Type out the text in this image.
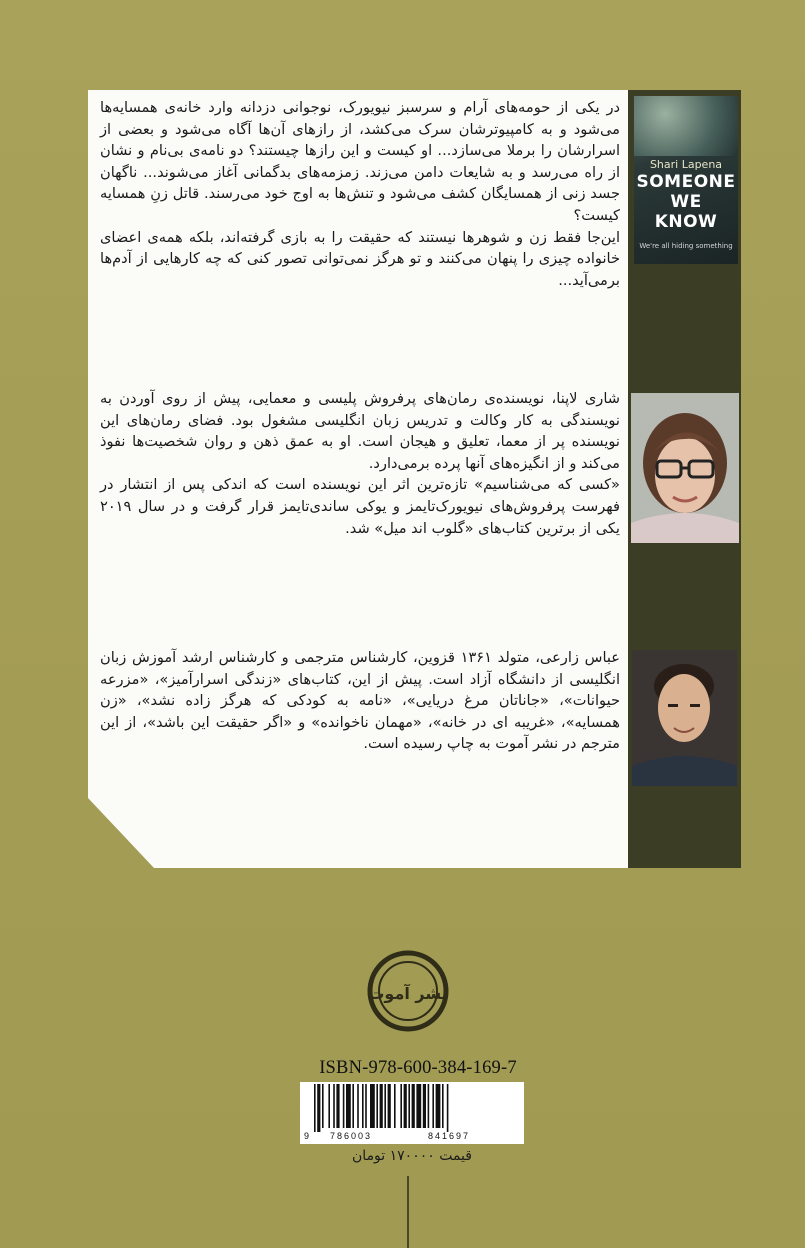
Shari Lapena
SOMEONE
WE
KNOW
We're all hiding something

در یکی از حومه‌های آرام و سرسبز نیویورک، نوجوانی دزدانه وارد خانه‌ی همسایه‌ها می‌شود و به کامپیوترشان سرک می‌کشد، از رازهای آن‌ها آگاه می‌شود و بعضی از اسرارشان را برملا می‌سازد... او کیست و این رازها چیستند؟ دو نامه‌ی بی‌نام و نشان از راه می‌رسد و به شایعات دامن می‌زند. زمزمه‌های بدگمانی آغاز می‌شوند... ناگهان جسد زنی از همسایگان کشف می‌شود و تنش‌ها به اوج خود می‌رسند. قاتل زنِ همسایه کیست؟

این‌جا فقط زن و شوهرها نیستند که حقیقت را به بازی گرفته‌اند، بلکه همه‌ی اعضای خانواده چیزی را پنهان می‌کنند و تو هرگز نمی‌توانی تصور کنی که چه کارهایی از آدم‌ها برمی‌آید...

شاری لاپنا، نویسنده‌ی رمان‌های پرفروش پلیسی و معمایی، پیش از روی آوردن به نویسندگی به کار وکالت و تدریس زبان انگلیسی مشغول بود. فضای رمان‌های این نویسنده پر از معما، تعلیق و هیجان است. او به عمق ذهن و روان شخصیت‌ها نفوذ می‌کند و از انگیزه‌های آنها پرده برمی‌دارد.

«کسی که می‌شناسیم» تازه‌ترین اثر این نویسنده است که اندکی پس از انتشار در فهرست پرفروش‌های نیویورک‌تایمز و یوکی ساندی‌تایمز قرار گرفت و در سال ۲۰۱۹ یکی از برترین کتاب‌های «گلوب اند میل» شد.

عباس زارعی، متولد ۱۳۶۱ قزوین، کارشناس مترجمی و کارشناس ارشد آموزش زبان انگلیسی از دانشگاه آزاد است. پیش از این، کتاب‌های «زندگی اسرارآمیز»، «مزرعه حیوانات»، «جاناتان مرغ دریایی»، «نامه به کودکی که هرگز زاده نشد»، «زن همسایه»، «غریبه ای در خانه»، «مهمان ناخوانده» و «اگر حقیقت این باشد»، از این مترجم در نشر آموت به چاپ رسیده است.

نشر آموت
ISBN-978-600-384-169-7
9 786003	841697
قیمت ۱۷۰۰۰۰ تومان
